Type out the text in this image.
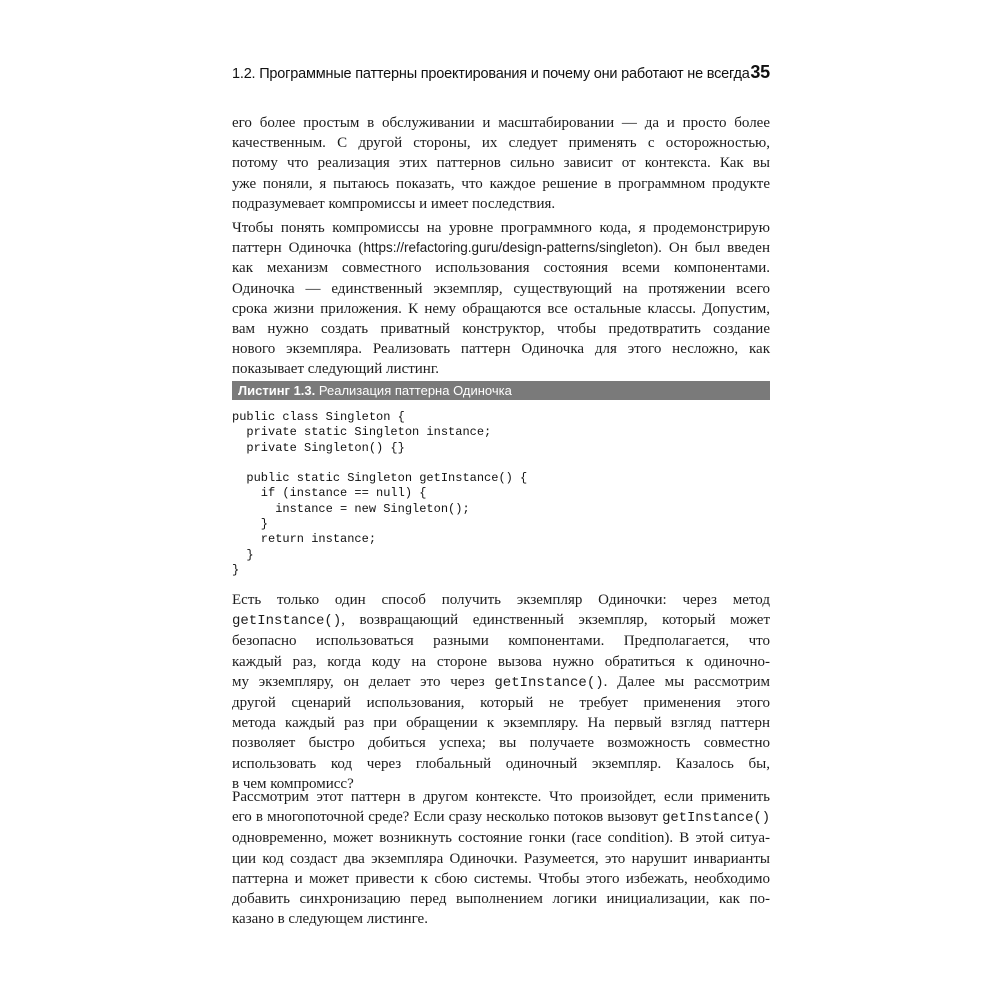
1.2. Программные паттерны проектирования и почему они работают не всегда 35

его более простым в обслуживании и масштабировании — да и просто более
качественным. С другой стороны, их следует применять с осторожностью,
потому что реализация этих паттернов сильно зависит от контекста. Как вы
уже поняли, я пытаюсь показать, что каждое решение в программном продукте
подразумевает компромиссы и имеет последствия.

Чтобы понять компромиссы на уровне программного кода, я продемонстрирую
паттерн Одиночка (https://refactoring.guru/design-patterns/singleton). Он был введен
как механизм совместного использования состояния всеми компонентами.
Одиночка — единственный экземпляр, существующий на протяжении всего
срока жизни приложения. К нему обращаются все остальные классы. Допустим,
вам нужно создать приватный конструктор, чтобы предотвратить создание
нового экземпляра. Реализовать паттерн Одиночка для этого несложно, как
показывает следующий листинг.

Листинг 1.3. Реализация паттерна Одиночка
public class Singleton {
private static Singleton instance;
private Singleton() {}
public static Singleton getInstance() {
if (instance == null) {
instance = new Singleton();
}
return instance;
}
}

Есть только один способ получить экземпляр Одиночки: через метод
getInstance(), возвращающий единственный экземпляр, который может
безопасно использоваться разными компонентами. Предполагается, что
каждый раз, когда коду на стороне вызова нужно обратиться к одиночно-
му экземпляру, он делает это через getInstance(). Далее мы рассмотрим
другой сценарий использования, который не требует применения этого
метода каждый раз при обращении к экземпляру. На первый взгляд паттерн
позволяет быстро добиться успеха; вы получаете возможность совместно
использовать код через глобальный одиночный экземпляр. Казалось бы,
в чем компромисс?

Рассмотрим этот паттерн в другом контексте. Что произойдет, если применить
его в многопоточной среде? Если сразу несколько потоков вызовут getInstance()
одновременно, может возникнуть состояние гонки (race condition). В этой ситуа-
ции код создаст два экземпляра Одиночки. Разумеется, это нарушит инварианты
паттерна и может привести к сбою системы. Чтобы этого избежать, необходимо
добавить синхронизацию перед выполнением логики инициализации, как по-
казано в следующем листинге.
